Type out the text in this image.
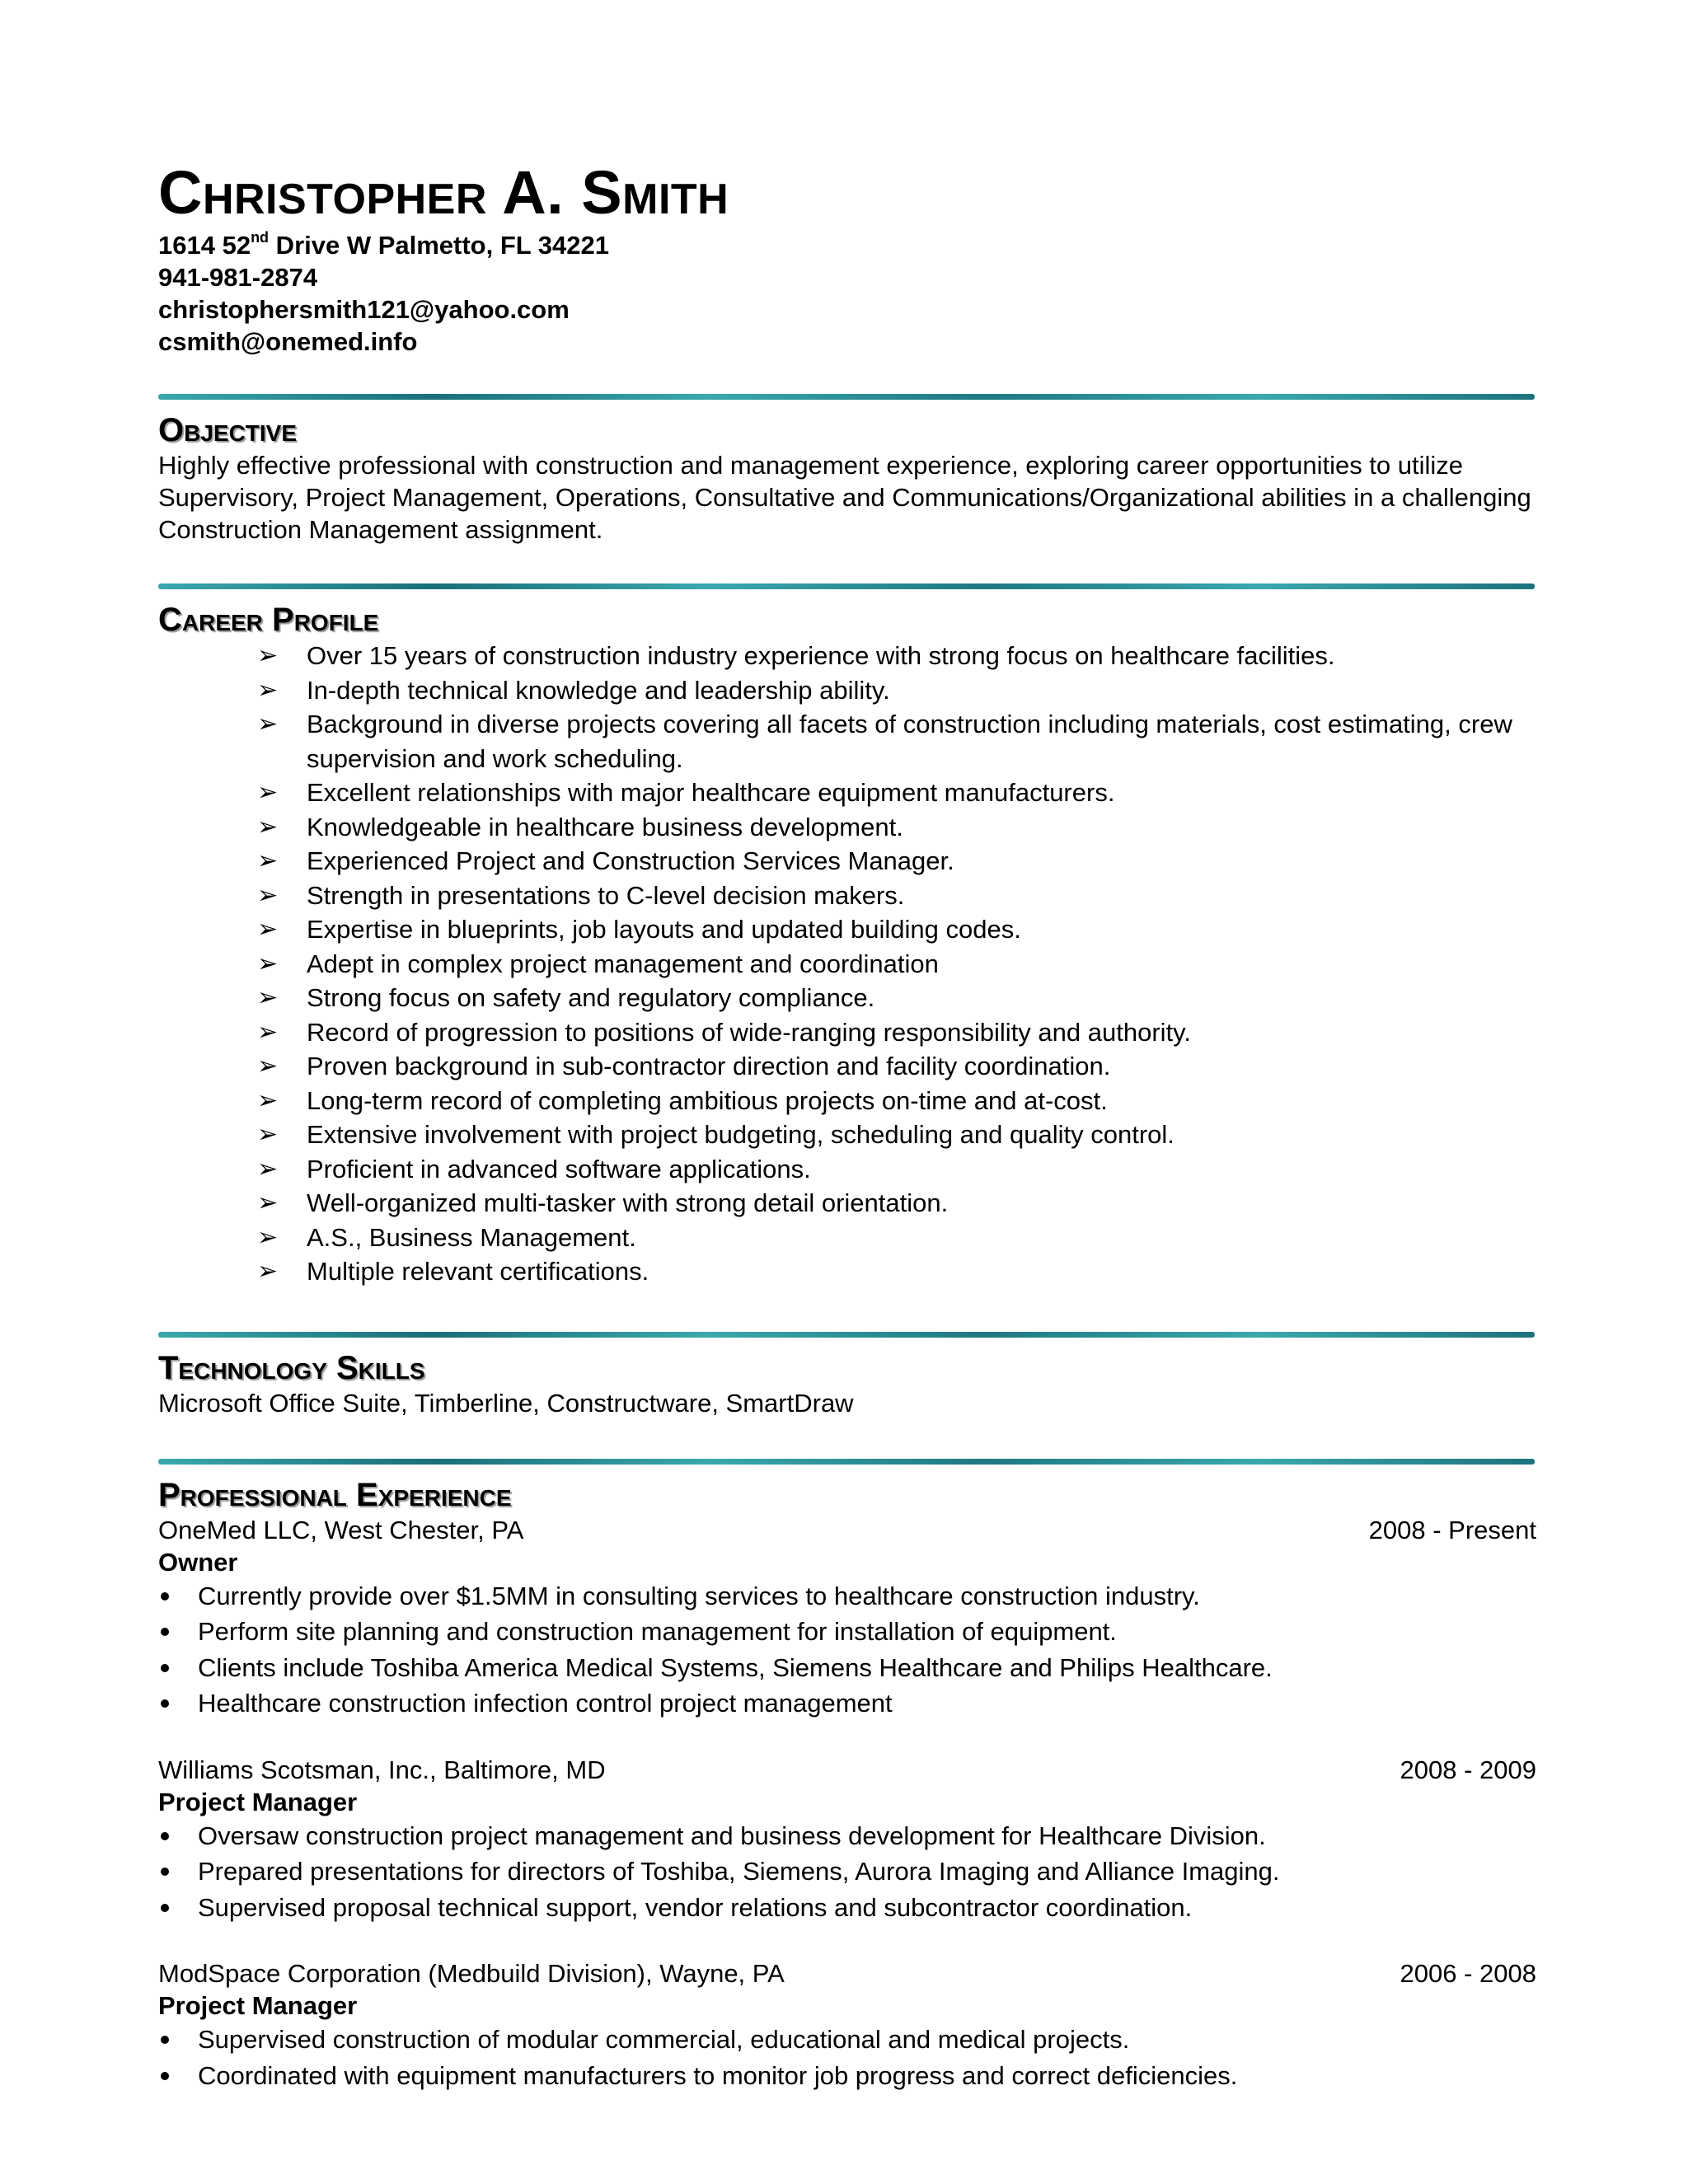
Christopher A. Smith
1614 52nd Drive W Palmetto, FL 34221
941-981-2874
christophersmith121@yahoo.com
csmith@onemed.info
Objective
Highly effective professional with construction and management experience, exploring career opportunities to utilize Supervisory, Project Management, Operations, Consultative and Communications/Organizational abilities in a challenging Construction Management assignment.
Career Profile
➢ Over 15 years of construction industry experience with strong focus on healthcare facilities.
➢ In-depth technical knowledge and leadership ability.
➢ Background in diverse projects covering all facets of construction including materials, cost estimating, crew supervision and work scheduling.
➢ Excellent relationships with major healthcare equipment manufacturers.
➢ Knowledgeable in healthcare business development.
➢ Experienced Project and Construction Services Manager.
➢ Strength in presentations to C-level decision makers.
➢ Expertise in blueprints, job layouts and updated building codes.
➢ Adept in complex project management and coordination
➢ Strong focus on safety and regulatory compliance.
➢ Record of progression to positions of wide-ranging responsibility and authority.
➢ Proven background in sub-contractor direction and facility coordination.
➢ Long-term record of completing ambitious projects on-time and at-cost.
➢ Extensive involvement with project budgeting, scheduling and quality control.
➢ Proficient in advanced software applications.
➢ Well-organized multi-tasker with strong detail orientation.
➢ A.S., Business Management.
➢ Multiple relevant certifications.
Technology Skills
Microsoft Office Suite, Timberline, Constructware, SmartDraw
Professional Experience
OneMed LLC, West Chester, PA	2008 - Present
Owner
Currently provide over $1.5MM in consulting services to healthcare construction industry.
Perform site planning and construction management for installation of equipment.
Clients include Toshiba America Medical Systems, Siemens Healthcare and Philips Healthcare.
Healthcare construction infection control project management
Williams Scotsman, Inc., Baltimore, MD	2008 - 2009
Project Manager
Oversaw construction project management and business development for Healthcare Division.
Prepared presentations for directors of Toshiba, Siemens, Aurora Imaging and Alliance Imaging.
Supervised proposal technical support, vendor relations and subcontractor coordination.
ModSpace Corporation (Medbuild Division), Wayne, PA	2006 - 2008
Project Manager
Supervised construction of modular commercial, educational and medical projects.
Coordinated with equipment manufacturers to monitor job progress and correct deficiencies.
